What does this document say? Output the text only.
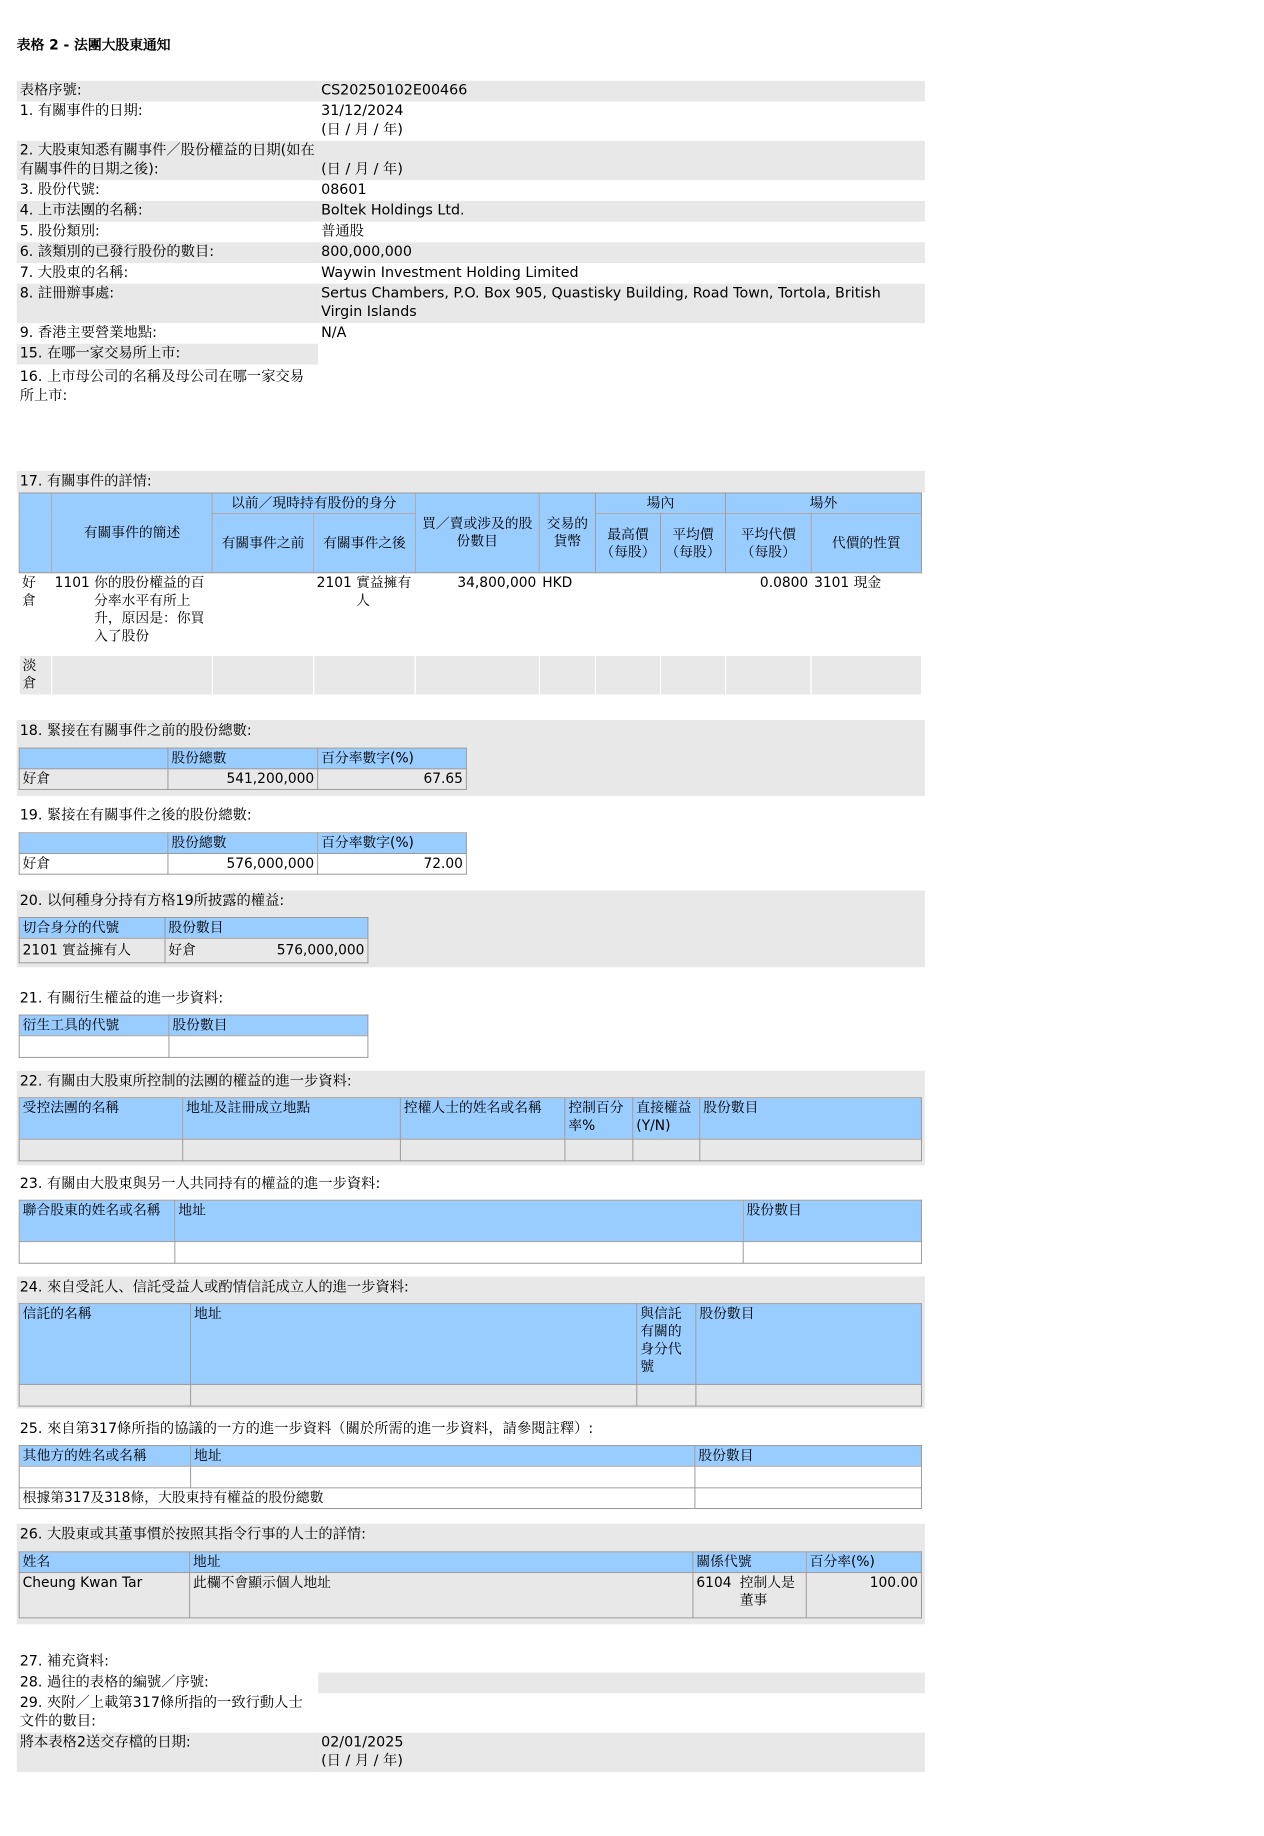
表格 2 - 法團大股東通知
表格序號:	CS20250102E00466
1. 有關事件的日期:	31/12/2024
(日 / 月 / 年)

2. 大股東知悉有關事件／股份權益的日期(如在有關事件的日期之後):	(日 / 月 / 年)

3. 股份代號:	08601
4. 上市法團的名稱:	Boltek Holdings Ltd.
5. 股份類別:	普通股
6. 該類別的已發行股份的數目:	800,000,000
7. 大股東的名稱:	Waywin Investment Holding Limited
8. 註冊辦事處:	Sertus Chambers, P.O. Box 905, Quastisky Building, Road Town, Tortola, British Virgin Islands
9. 香港主要營業地點:	N/A
15. 在哪一家交易所上市:	
16. 上市母公司的名稱及母公司在哪一家交易所上市:	
17. 有關事件的詳情:
	有關事件的簡述	以前／現時持有股份的身分		買／賣或涉及的股份數目	交易的貨幣	場內		場外	
		有關事件之前	有關事件之後			最高價（每股）	平均價（每股）	平均代價（每股）	代價的性質
好倉	1101 你的股份權益的百分率水平有所上升，原因是：你買入了股份		2101 實益擁有人	34,800,000	HKD			0.0800	3101 現金
淡倉									
18. 緊接在有關事件之前的股份總數:
	股份總數	百分率數字(%)
好倉	541,200,000	67.65
19. 緊接在有關事件之後的股份總數:
	股份總數	百分率數字(%)
好倉	576,000,000	72.00
20. 以何種身分持有方格19所披露的權益:
切合身分的代號	股份數目
2101 實益擁有人	好倉 576,000,000
21. 有關衍生權益的進一步資料:
衍生工具的代號	股份數目

22. 有關由大股東所控制的法團的權益的進一步資料:
受控法團的名稱	地址及註冊成立地點	控權人士的姓名或名稱	控制百分率%	直接權益(Y/N)	股份數目

23. 有關由大股東與另一人共同持有的權益的進一步資料:
聯合股東的姓名或名稱	地址	股份數目

24. 來自受託人、信託受益人或酌情信託成立人的進一步資料:
信託的名稱	地址	與信託有關的身分代號	股份數目

25. 來自第317條所指的協議的一方的進一步資料（關於所需的進一步資料，請參閱註釋）:
其他方的姓名或名稱	地址	股份數目

根據第317及318條，大股東持有權益的股份總數		
26. 大股東或其董事慣於按照其指令行事的人士的詳情:
姓名	地址	關係代號	百分率(%)
Cheung Kwan Tar	此欄不會顯示個人地址	6104 控制人是董事	100.00
27. 補充資料:	
28. 過往的表格的編號／序號:	
29. 夾附／上載第317條所指的一致行動人士文件的數目:	
將本表格2送交存檔的日期:	02/01/2025
(日 / 月 / 年)
